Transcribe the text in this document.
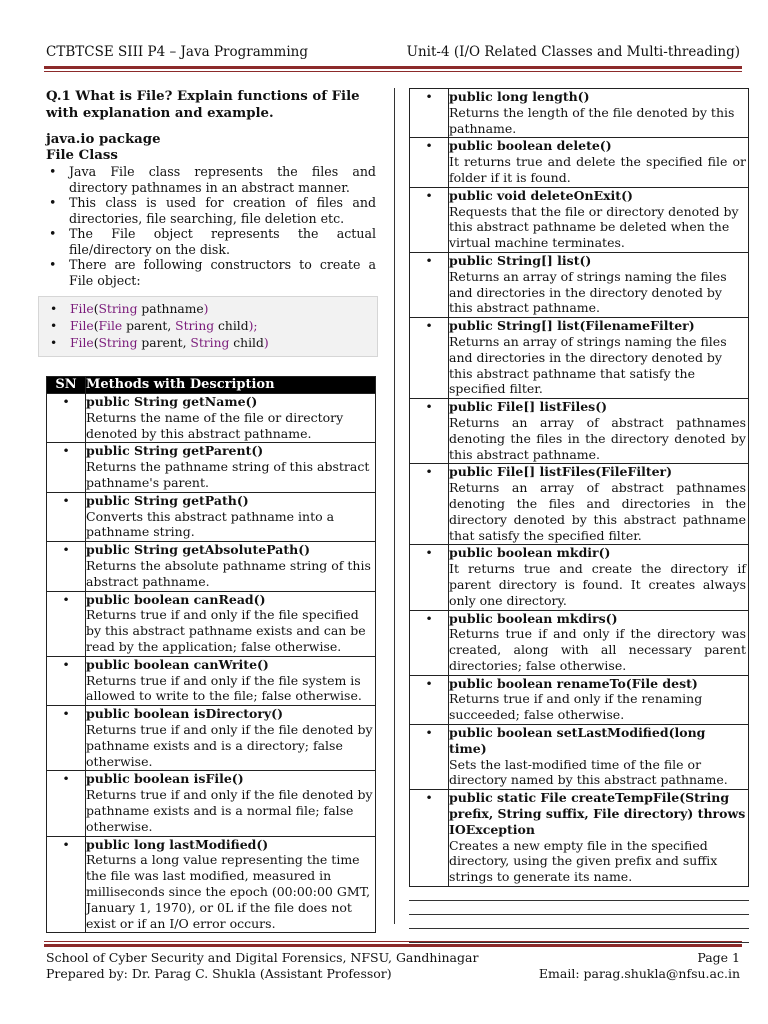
CTBTCSE SIII P4 – Java Programming	Unit-4 (I/O Related Classes and Multi-threading)
Q.1 What is File? Explain functions of File with explanation and example.
java.io package
File Class
• Java File class represents the files and directory pathnames in an abstract manner.
• This class is used for creation of files and directories, file searching, file deletion etc.
• The File object represents the actual file/directory on the disk.
• There are following constructors to create a File object:
• File(String pathname)
• File(File parent, String child);
• File(String parent, String child)
SN	Methods with Description
•	public String getName()
Returns the name of the file or directory denoted by this abstract pathname.

•	public String getParent()
Returns the pathname string of this abstract pathname's parent.

•	public String getPath()
Converts this abstract pathname into a pathname string.

•	public String getAbsolutePath()
Returns the absolute pathname string of this abstract pathname.

•	public boolean canRead()
Returns true if and only if the file specified by this abstract pathname exists and can be read by the application; false otherwise.

•	public boolean canWrite()
Returns true if and only if the file system is allowed to write to the file; false otherwise.

•	public boolean isDirectory()
Returns true if and only if the file denoted by pathname exists and is a directory; false otherwise.

•	public boolean isFile()
Returns true if and only if the file denoted by pathname exists and is a normal file; false otherwise.

•	public long lastModified()
Returns a long value representing the time the file was last modified, measured in milliseconds since the epoch (00:00:00 GMT, January 1, 1970), or 0L if the file does not exist or if an I/O error occurs.
•	public long length()
Returns the length of the file denoted by this pathname.

•	public boolean delete()
It returns true and delete the specified file or folder if it is found.

•	public void deleteOnExit()
Requests that the file or directory denoted by this abstract pathname be deleted when the virtual machine terminates.

•	public String[] list()
Returns an array of strings naming the files and directories in the directory denoted by this abstract pathname.

•	public String[] list(FilenameFilter)
Returns an array of strings naming the files and directories in the directory denoted by this abstract pathname that satisfy the specified filter.

•	public File[] listFiles()
Returns an array of abstract pathnames denoting the files in the directory denoted by this abstract pathname.

•	public File[] listFiles(FileFilter)
Returns an array of abstract pathnames denoting the files and directories in the directory denoted by this abstract pathname that satisfy the specified filter.

•	public boolean mkdir()
It returns true and create the directory if parent directory is found. It creates always only one directory.

•	public boolean mkdirs()
Returns true if and only if the directory was created, along with all necessary parent directories; false otherwise.

•	public boolean renameTo(File dest)
Returns true if and only if the renaming succeeded; false otherwise.

•	public boolean setLastModified(long time)
Sets the last-modified time of the file or directory named by this abstract pathname.

•	public static File createTempFile(String prefix, String suffix, File directory) throws IOException
Creates a new empty file in the specified directory, using the given prefix and suffix strings to generate its name.
School of Cyber Security and Digital Forensics, NFSU, Gandhinagar	Page 1
Prepared by: Dr. Parag C. Shukla (Assistant Professor)	Email: parag.shukla@nfsu.ac.in
